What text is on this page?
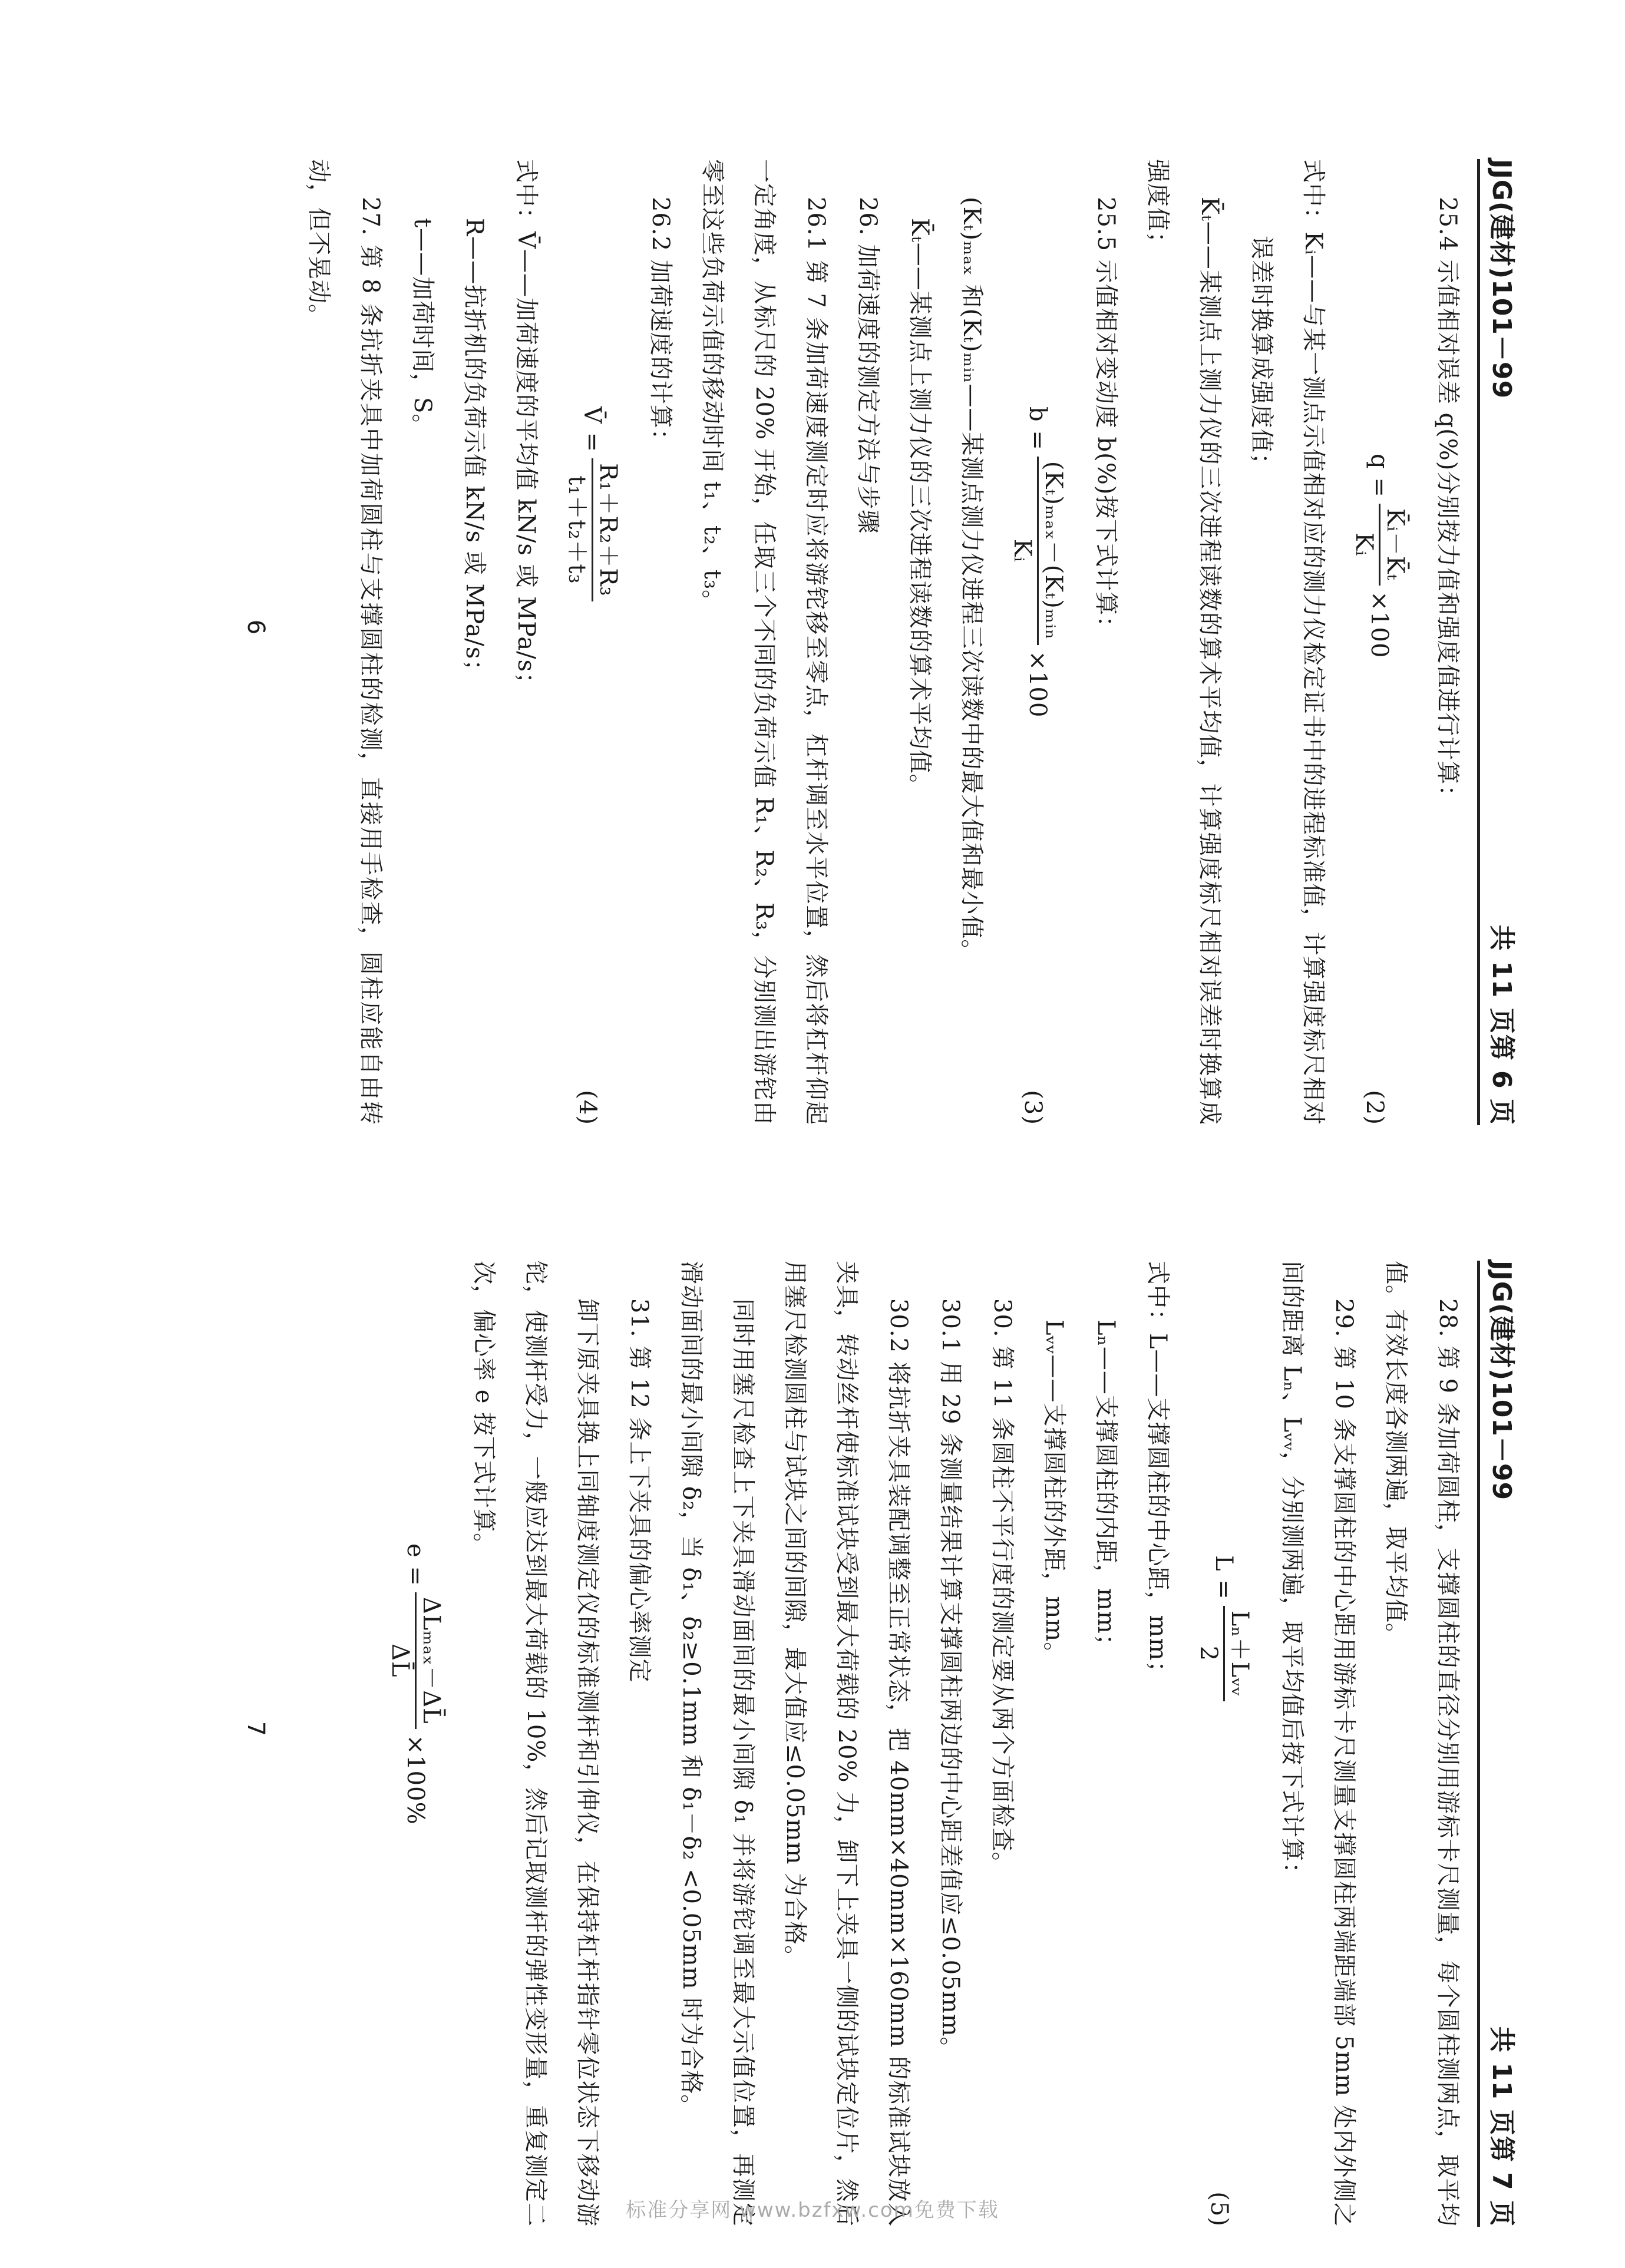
JJG(建材)101－99
共 11 页第 6 页

25.4 示值相对误差 q(%)分别按力值和强度值进行计算：

q =
K̄ᵢ－K̄ₜ
Kᵢ
×100
(2)

式中：Kᵢ——与某一测点示值相对应的测力仪检定证书中的进程标准值，计算强度标尺相对误差时换算成强度值；

K̄ₜ——某测点上测力仪的三次进程读数的算术平均值，计算强度标尺相对误差时换算成强度值；

25.5 示值相对变动度 b(%)按下式计算：

b =
(Kₜ)ₘₐₓ－(Kₜ)ₘᵢₙ
Kᵢ
×100
(3)

(Kₜ)ₘₐₓ 和(Kₜ)ₘᵢₙ——某测点测力仪进程三次读数中的最大值和最小值。

K̄ₜ——某测点上测力仪的三次进程读数的算术平均值。

26. 加荷速度的测定方法与步骤

26.1 第 7 条加荷速度测定时应将游铊移至零点，杠杆调至水平位置，然后将杠杆仰起一定角度，从标尺的 20% 开始，任取三个不同的负荷示值 R₁、R₂、R₃，分别测出游铊由零至这些负荷示值的移动时间 t₁、t₂、t₃。

26.2 加荷速度的计算：

V̄ =
R₁＋R₂＋R₃
t₁＋t₂＋t₃
(4)

式中：V̄——加荷速度的平均值 kN/s 或 MPa/s；

R——抗折机的负荷示值 kN/s 或 MPa/s；

t——加荷时间，S。

27. 第 8 条抗折夹具中加荷圆柱与支撑圆柱的检测，直接用手检查，圆柱应能自由转动，但不晃动。

6
JJG(建材)101－99
共 11 页第 7 页

28. 第 9 条加荷圆柱，支撑圆柱的直径分别用游标卡尺测量，每个圆柱测两点，取平均值。有效长度各测两遍，取平均值。

29. 第 10 条支撑圆柱的中心距用游标卡尺测量支撑圆柱两端距端部 5mm 处内外侧之间的距离 Lₙ、Lᵥᵥ，分别测两遍，取平均值后按下式计算：

L =
Lₙ＋Lᵥᵥ
2
(5)

式中：L——支撑圆柱的中心距，mm；

Lₙ——支撑圆柱的内距，mm；

Lᵥᵥ——支撑圆柱的外距，mm。

30. 第 11 条圆柱不平行度的测定要从两个方面检查。

30.1 用 29 条测量结果计算支撑圆柱两边的中心距差值应≤0.05mm。

30.2 将抗折夹具装配调整至正常状态，把 40mm×40mm×160mm 的标准试块放入夹具，转动丝杆使标准试块受到最大荷载的 20% 力，卸下上夹具一侧的试块定位片，然后用塞尺检测圆柱与试块之间的间隙，最大值应≤0.05mm 为合格。

同时用塞尺检查上下夹具滑动面间的最小间隙 δ₁ 并将游铊调至最大示值位置，再测定滑动面间的最小间隙 δ₂，当 δ₁、δ₂≥0.1mm 和 δ₁－δ₂ <0.05mm 时为合格。

31. 第 12 条上下夹具的偏心率测定

卸下原夹具换上同轴度测定仪的标准测杆和引伸仪，在保持杠杆指针零位状态下移动游铊，使测杆受力，一般应达到最大荷载的 10%，然后记取测杆的弹性变形量，重复测定二次，偏心率 e 按下式计算。

e =
ΔLₘₐₓ－ΔL̄
ΔL̄
×100%
7
标准分享网 www.bzfxw.com免费下载
